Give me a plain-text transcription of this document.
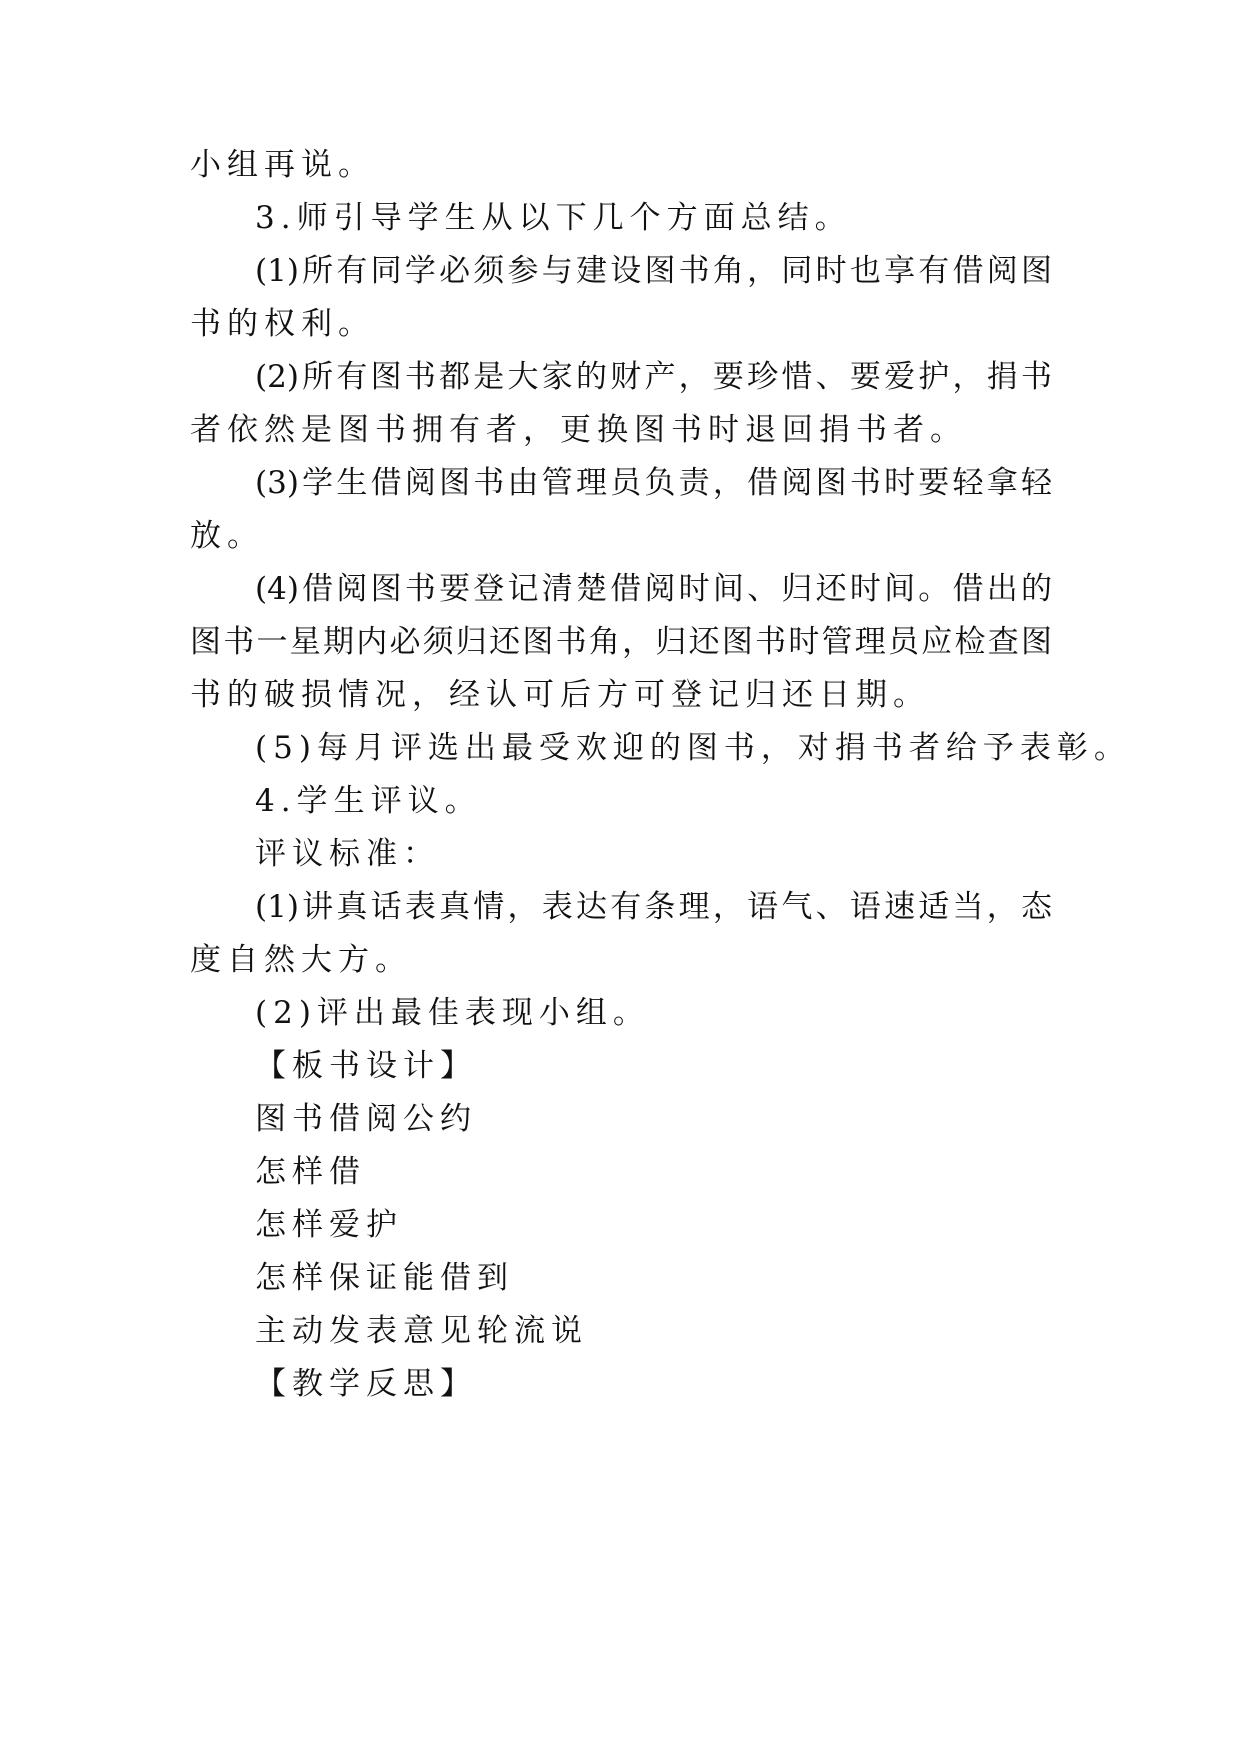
小组再说。
3.师引导学生从以下几个方面总结。
(1)所有同学必须参与建设图书角，同时也享有借阅图
书的权利。
(2)所有图书都是大家的财产，要珍惜、要爱护，捐书
者依然是图书拥有者，更换图书时退回捐书者。
(3)学生借阅图书由管理员负责，借阅图书时要轻拿轻
放。
(4)借阅图书要登记清楚借阅时间、归还时间。借出的
图书一星期内必须归还图书角，归还图书时管理员应检查图
书的破损情况，经认可后方可登记归还日期。
(5)每月评选出最受欢迎的图书，对捐书者给予表彰。
4.学生评议。
评议标准：
(1)讲真话表真情，表达有条理，语气、语速适当，态
度自然大方。
(2)评出最佳表现小组。
【板书设计】
图书借阅公约
怎样借
怎样爱护
怎样保证能借到
主动发表意见轮流说
【教学反思】
